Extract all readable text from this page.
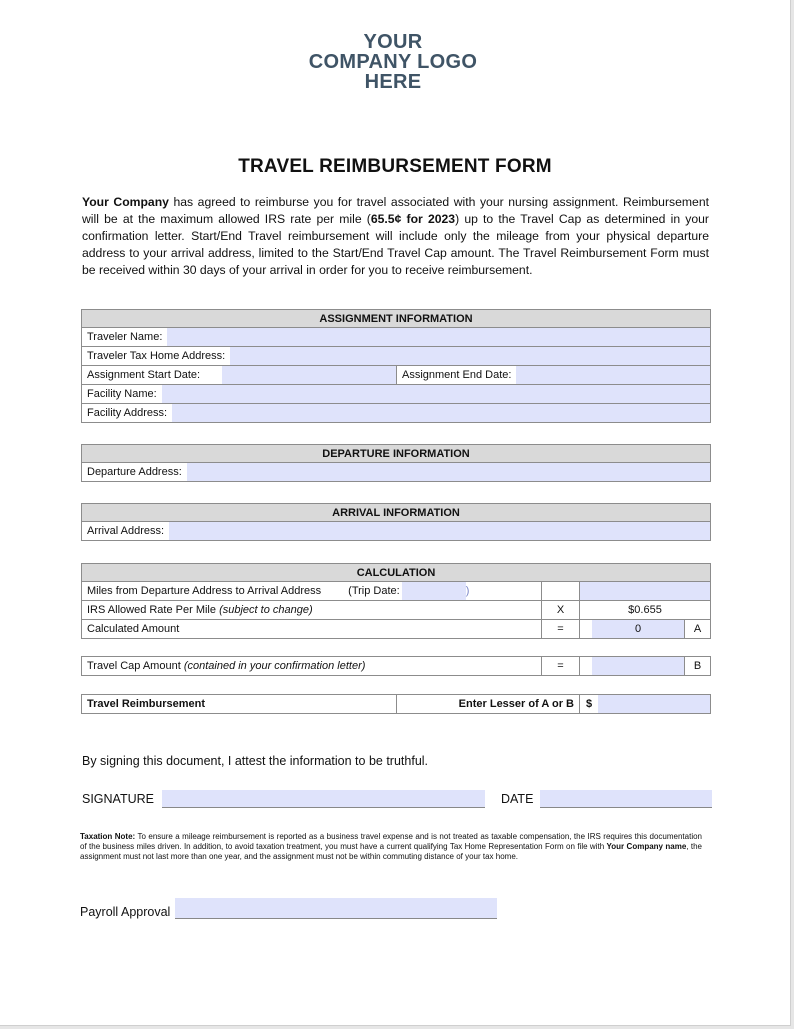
YOUR
COMPANY LOGO
HERE
TRAVEL REIMBURSEMENT FORM
Your Company has agreed to reimburse you for travel associated with your nursing assignment. Reimbursement will be at the maximum allowed IRS rate per mile (65.5¢ for 2023) up to the Travel Cap as determined in your confirmation letter. Start/End Travel reimbursement will include only the mileage from your physical departure address to your arrival address, limited to the Start/End Travel Cap amount. The Travel Reimbursement Form must be received within 30 days of your arrival in order for you to receive reimbursement.
ASSIGNMENT INFORMATION

Traveler Name:

Traveler Tax Home Address:

Assignment Start Date:	Assignment End Date:

Facility Name:

Facility Address:
DEPARTURE INFORMATION

Departure Address:
ARRIVAL INFORMATION

Arrival Address:
CALCULATION			

Miles from Departure Address to Arrival Address (Trip Date: )			

IRS Allowed Rate Per Mile (subject to change)	X	$0.655	
Calculated Amount	=	0	A
Travel Cap Amount (contained in your confirmation letter)	=		B
Travel Reimbursement	Enter Lesser of A or B	$
By signing this document, I attest the information to be truthful.
SIGNATURE	DATE
Taxation Note: To ensure a mileage reimbursement is reported as a business travel expense and is not treated as taxable compensation, the IRS requires this documentation of the business miles driven. In addition, to avoid taxation treatment, you must have a current qualifying Tax Home Representation Form on file with Your Company name, the assignment must not last more than one year, and the assignment must not be within commuting distance of your tax home.
Payroll Approval
